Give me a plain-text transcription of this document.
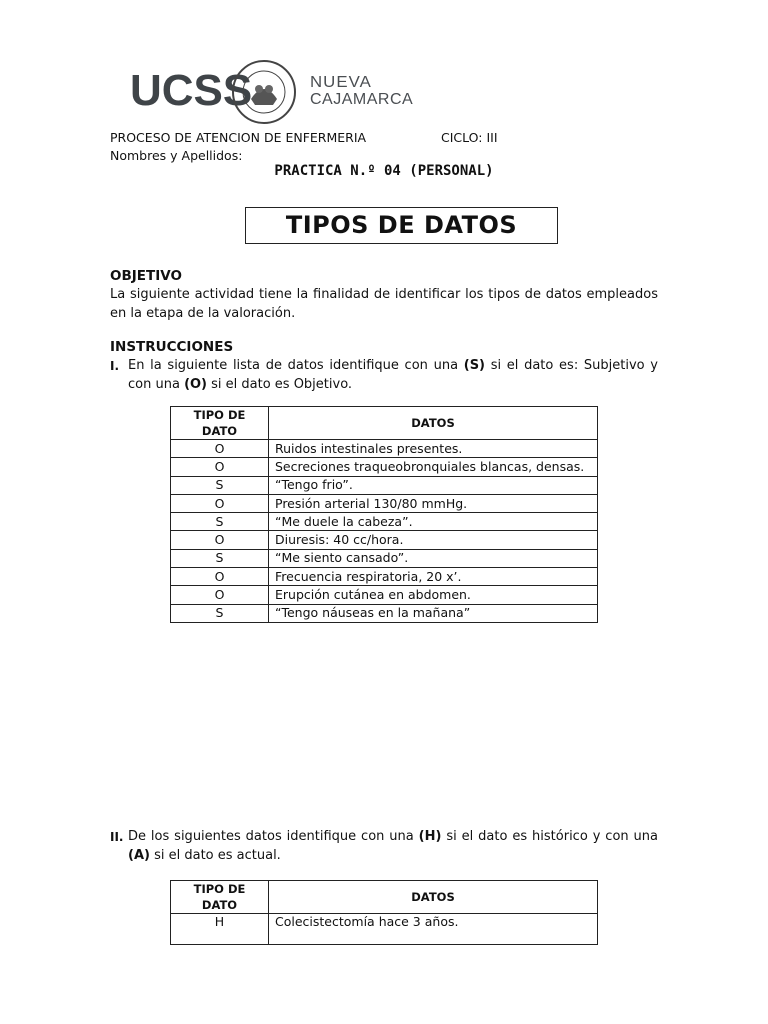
UCSS	NUEVA
CAJAMARCA
PROCESO DE ATENCION DE ENFERMERIA	CICLO: III
Nombres y Apellidos:
PRACTICA N.º 04 (PERSONAL)
TIPOS DE DATOS
OBJETIVO
La siguiente actividad tiene la finalidad de identificar los tipos de datos empleados en la etapa de la valoración.
INSTRUCCIONES
I. En la siguiente lista de datos identifique con una (S) si el dato es: Subjetivo y con una (O) si el dato es Objetivo.
TIPO DE DATO	DATOS
O	Ruidos intestinales presentes.
O	Secreciones traqueobronquiales blancas, densas.
S	“Tengo frio”.
O	Presión arterial 130/80 mmHg.
S	“Me duele la cabeza”.
O	Diuresis: 40 cc/hora.
S	“Me siento cansado”.
O	Frecuencia respiratoria, 20 x’.
O	Erupción cutánea en abdomen.
S	“Tengo náuseas en la mañana”
II. De los siguientes datos identifique con una (H) si el dato es histórico y con una (A) si el dato es actual.
TIPO DE DATO	DATOS
H	Colecistectomía hace 3 años.
